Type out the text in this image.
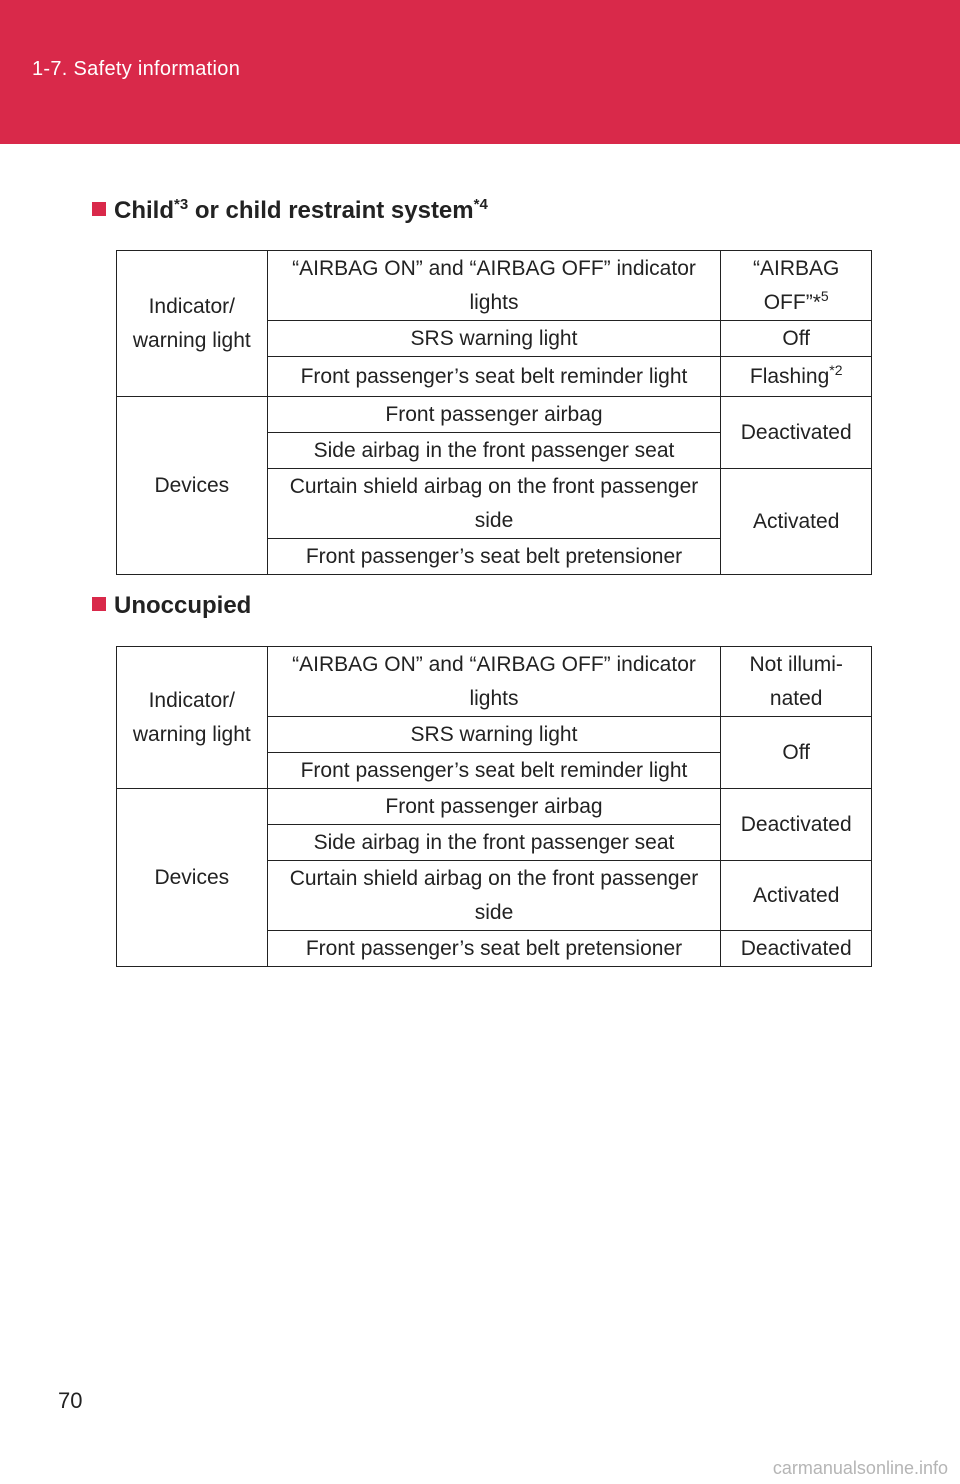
1-7. Safety information
Child$^{*3}$ or child restraint system$^{*4}$
Indicator/ warning light	“AIRBAG ON” and “AIRBAG OFF” indicator lights	“AIRBAG OFF”*$^5$
	SRS warning light	Off
	Front passenger’s seat belt reminder light	Flashing$^{*2}$
Devices	Front passenger airbag	Deactivated
	Side airbag in the front passenger seat	
	Curtain shield airbag on the front passenger side	Activated
	Front passenger’s seat belt pretensioner	
Unoccupied
Indicator/ warning light	“AIRBAG ON” and “AIRBAG OFF” indicator lights	Not illumi- nated
	SRS warning light	Off
	Front passenger’s seat belt reminder light	
Devices	Front passenger airbag	Deactivated
	Side airbag in the front passenger seat	
	Curtain shield airbag on the front passenger side	Activated
	Front passenger’s seat belt pretensioner	Deactivated
70
carmanualsonline.info
